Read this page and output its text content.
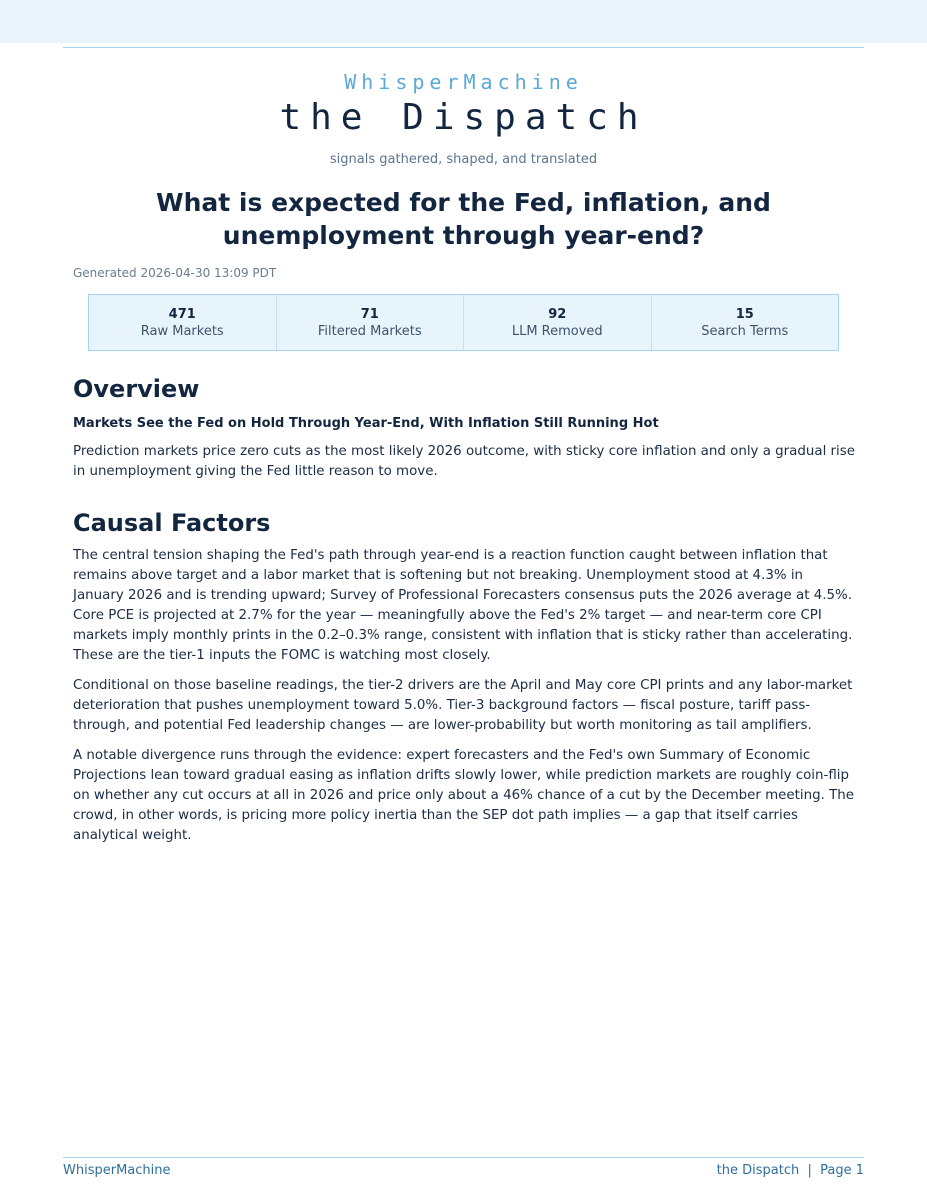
WhisperMachine
the Dispatch
signals gathered, shaped, and translated
What is expected for the Fed, inflation, and unemployment through year-end?
Generated 2026-04-30 13:09 PDT
471
Raw Markets
71
Filtered Markets
92
LLM Removed
15
Search Terms
Overview
Markets See the Fed on Hold Through Year-End, With Inflation Still Running Hot

Prediction markets price zero cuts as the most likely 2026 outcome, with sticky core inflation and only a gradual rise in unemployment giving the Fed little reason to move.

Causal Factors

The central tension shaping the Fed's path through year-end is a reaction function caught between inflation that remains above target and a labor market that is softening but not breaking. Unemployment stood at 4.3% in January 2026 and is trending upward; Survey of Professional Forecasters consensus puts the 2026 average at 4.5%. Core PCE is projected at 2.7% for the year — meaningfully above the Fed's 2% target — and near-term core CPI markets imply monthly prints in the 0.2–0.3% range, consistent with inflation that is sticky rather than accelerating. These are the tier-1 inputs the FOMC is watching most closely.

Conditional on those baseline readings, the tier-2 drivers are the April and May core CPI prints and any labor-market deterioration that pushes unemployment toward 5.0%. Tier-3 background factors — fiscal posture, tariff pass-through, and potential Fed leadership changes — are lower-probability but worth monitoring as tail amplifiers.

A notable divergence runs through the evidence: expert forecasters and the Fed's own Summary of Economic Projections lean toward gradual easing as inflation drifts slowly lower, while prediction markets are roughly coin-flip on whether any cut occurs at all in 2026 and price only about a 46% chance of a cut by the December meeting. The crowd, in other words, is pricing more policy inertia than the SEP dot path implies — a gap that itself carries analytical weight.

WhisperMachine	the Dispatch  |  Page 1
